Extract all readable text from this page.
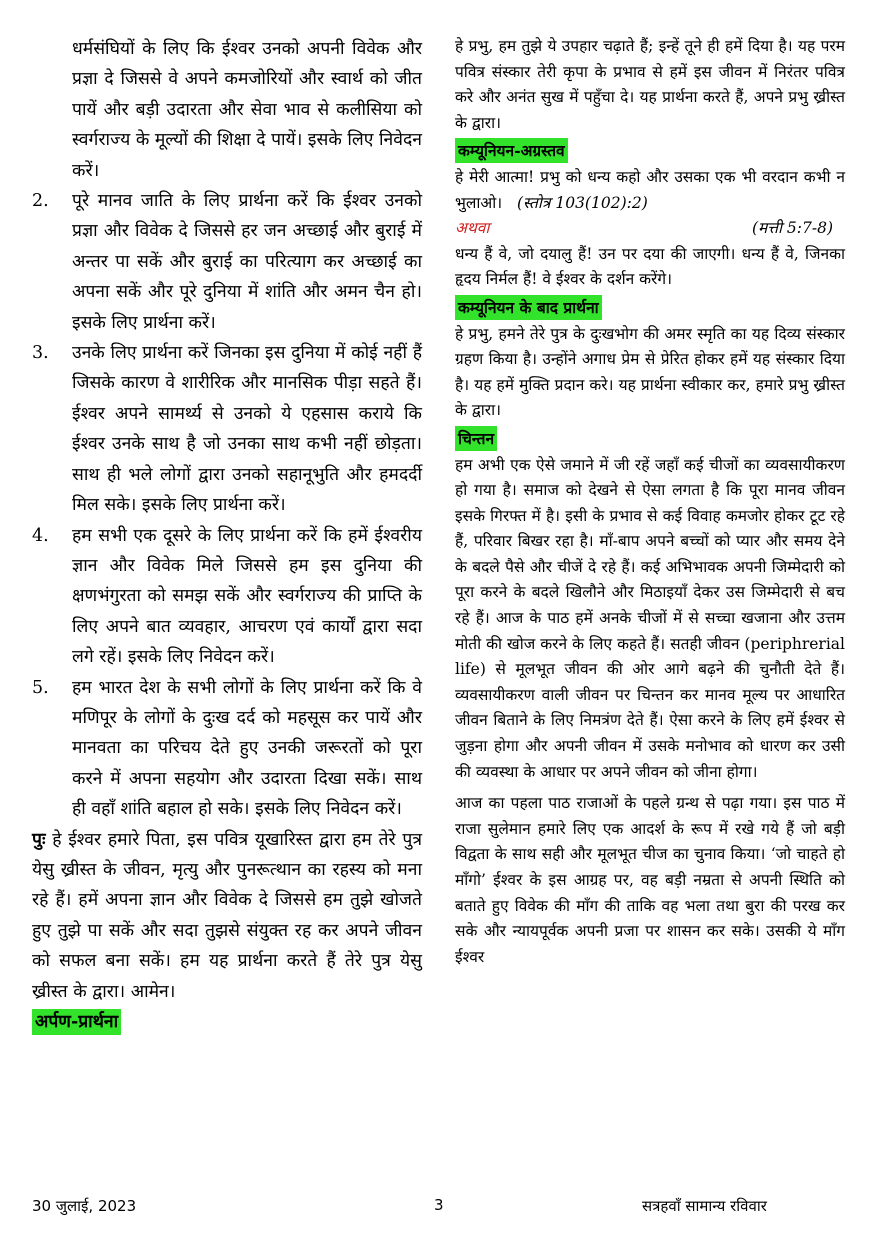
धर्मसंघियों के लिए कि ईश्वर उनको अपनी विवेक और प्रज्ञा दे जिससे वे अपने कमजोरियों और स्वार्थ को जीत पायें और बड़ी उदारता और सेवा भाव से कलीसिया को स्वर्गराज्य के मूल्यों की शिक्षा दे पायें। इसके लिए निवेदन करें।

2.	पूरे मानव जाति के लिए प्रार्थना करें कि ईश्वर उनको प्रज्ञा और विवेक दे जिससे हर जन अच्छाई और बुराई में अन्तर पा सकें और बुराई का परित्याग कर अच्छाई का अपना सकें और पूरे दुनिया में शांति और अमन चैन हो। इसके लिए प्रार्थना करें।
3.	उनके लिए प्रार्थना करें जिनका इस दुनिया में कोई नहीं हैं जिसके कारण वे शारीरिक और मानसिक पीड़ा सहते हैं। ईश्वर अपने सामर्थ्य से उनको ये एहसास कराये कि ईश्वर उनके साथ है जो उनका साथ कभी नहीं छोड़ता। साथ ही भले लोगों द्वारा उनको सहानूभुति और हमदर्दी मिल सके। इसके लिए प्रार्थना करें।
4.	हम सभी एक दूसरे के लिए प्रार्थना करें कि हमें ईश्वरीय ज्ञान और विवेक मिले जिससे हम इस दुनिया की क्षणभंगुरता को समझ सकें और स्वर्गराज्य की प्राप्ति के लिए अपने बात व्यवहार, आचरण एवं कार्यों द्वारा सदा लगे रहें। इसके लिए निवेदन करें।
5.	हम भारत देश के सभी लोगों के लिए प्रार्थना करें कि वे मणिपूर के लोगों के दुःख दर्द को महसूस कर पायें और मानवता का परिचय देते हुए उनकी जरूरतों को पूरा करने में अपना सहयोग और उदारता दिखा सकें। साथ ही वहाँ शांति बहाल हो सके। इसके लिए निवेदन करें।

पुः हे ईश्वर हमारे पिता, इस पवित्र यूखारिस्त द्वारा हम तेरे पुत्र येसु ख्रीस्त के जीवन, मृत्यु और पुनरूत्थान का रहस्य को मना रहे हैं। हमें अपना ज्ञान और विवेक दे जिससे हम तुझे खोजते हुए तुझे पा सकें और सदा तुझसे संयुक्त रह कर अपने जीवन को सफल बना सकें। हम यह प्रार्थना करते हैं तेरे पुत्र येसु ख्रीस्त के द्वारा। आमेन।

अर्पण-प्रार्थना

हे प्रभु, हम तुझे ये उपहार चढ़ाते हैं; इन्हें तूने ही हमें दिया है। यह परम पवित्र संस्कार तेरी कृपा के प्रभाव से हमें इस जीवन में निरंतर पवित्र करे और अनंत सुख में पहुँचा दे। यह प्रार्थना करते हैं, अपने प्रभु ख्रीस्त के द्वारा।

कम्यूनियन-अग्रस्तव

हे मेरी आत्मा! प्रभु को धन्य कहो और उसका एक भी वरदान कभी न भुलाओ। (स्तोत्र 103(102):2)

अथवा	(मत्ती 5:7-8)

धन्य हैं वे, जो दयालु हैं! उन पर दया की जाएगी। धन्य हैं वे, जिनका हृदय निर्मल हैं! वे ईश्वर के दर्शन करेंगे।

कम्यूनियन के बाद प्रार्थना

हे प्रभु, हमने तेरे पुत्र के दुःखभोग की अमर स्मृति का यह दिव्य संस्कार ग्रहण किया है। उन्होंने अगाध प्रेम से प्रेरित होकर हमें यह संस्कार दिया है। यह हमें मुक्ति प्रदान करे। यह प्रार्थना स्वीकार कर, हमारे प्रभु ख्रीस्त के द्वारा।

चिन्तन

हम अभी एक ऐसे जमाने में जी रहें जहाँ कई चीजों का व्यवसायीकरण हो गया है। समाज को देखने से ऐसा लगता है कि पूरा मानव जीवन इसके गिरफ्त में है। इसी के प्रभाव से कई विवाह कमजोर होकर टूट रहे हैं, परिवार बिखर रहा है। माँ-बाप अपने बच्चों को प्यार और समय देने के बदले पैसे और चीजें दे रहे हैं। कई अभिभावक अपनी जिम्मेदारी को पूरा करने के बदले खिलौने और मिठाइयाँ देकर उस जिम्मेदारी से बच रहे हैं। आज के पाठ हमें अनके चीजों में से सच्चा खजाना और उत्तम मोती की खोज करने के लिए कहते हैं। सतही जीवन (periphrerial life) से मूलभूत जीवन की ओर आगे बढ़ने की चुनौती देते हैं। व्यवसायीकरण वाली जीवन पर चिन्तन कर मानव मूल्य पर आधारित जीवन बिताने के लिए निमत्रंण देते हैं। ऐसा करने के लिए हमें ईश्वर से जुड़ना होगा और अपनी जीवन में उसके मनोभाव को धारण कर उसी की व्यवस्था के आधार पर अपने जीवन को जीना होगा।

आज का पहला पाठ राजाओं के पहले ग्रन्थ से पढ़ा गया। इस पाठ में राजा सुलेमान हमारे लिए एक आदर्श के रूप में रखे गये हैं जो बड़ी विद्वता के साथ सही और मूलभूत चीज का चुनाव किया। ‘जो चाहते हो माँगो’ ईश्वर के इस आग्रह पर, वह बड़ी नम्रता से अपनी स्थिति को बताते हुए विवेक की माँग की ताकि वह भला तथा बुरा की परख कर सके और न्यायपूर्वक अपनी प्रजा पर शासन कर सके। उसकी ये माँग ईश्वर

30 जुलाई, 2023	3	सत्रहवाँ सामान्य रविवार
